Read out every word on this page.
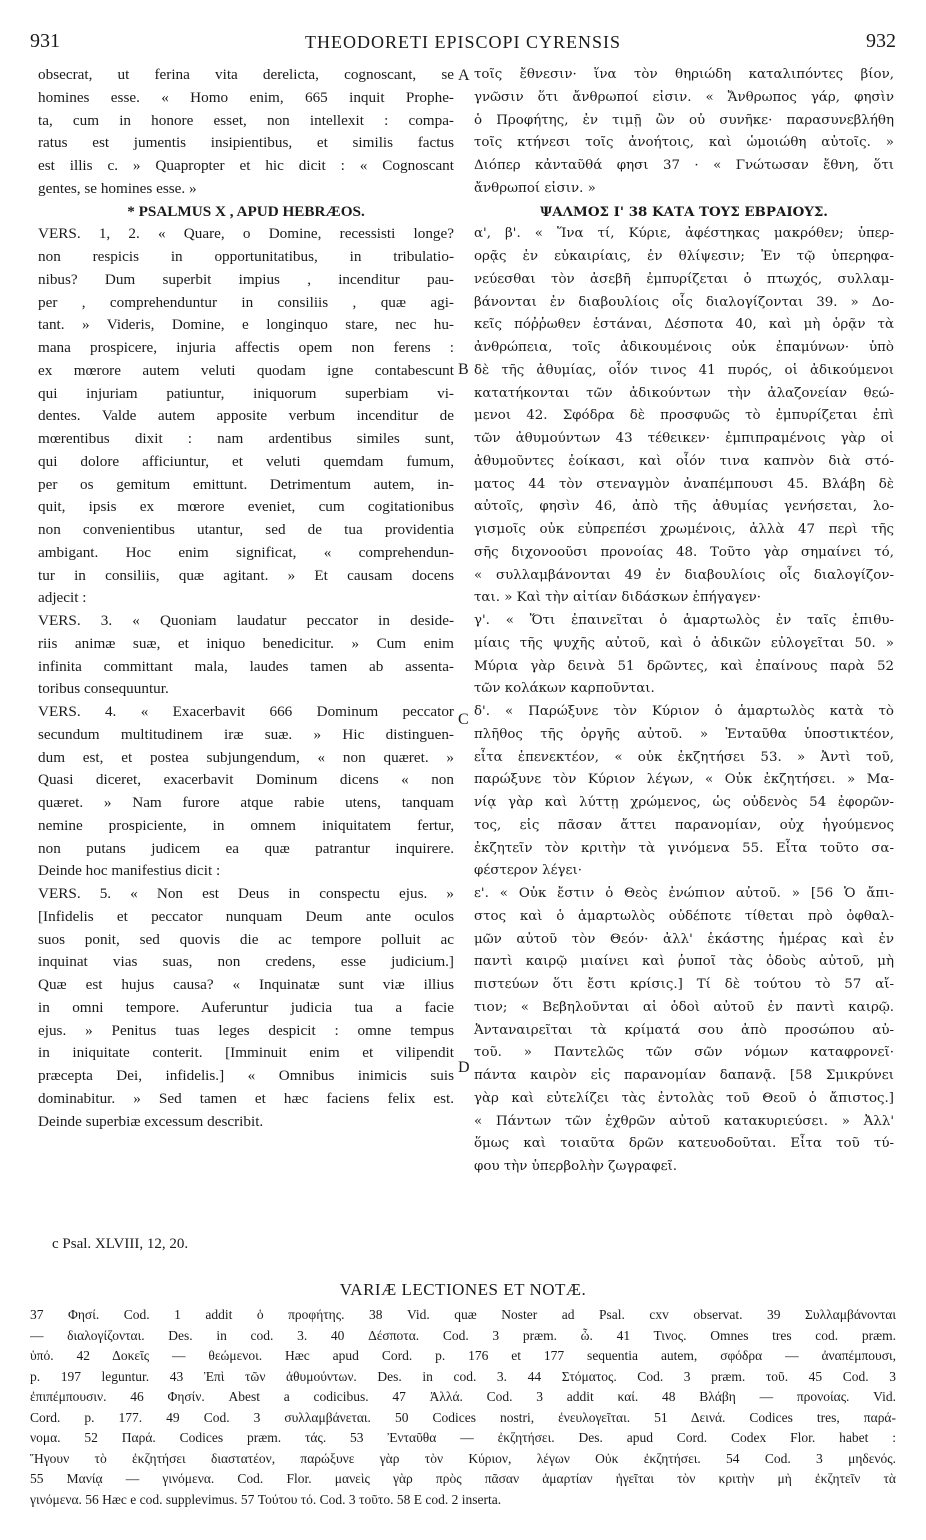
931	THEODORETI EPISCOPI CYRENSIS	932
obsecrat, ut ferina vita derelicta, cognoscant, se
homines esse. « Homo enim, 665 inquit Prophe-
ta, cum in honore esset, non intellexit : compa-
ratus est jumentis insipientibus, et similis factus
est illis c. » Quapropter et hic dicit : « Cognoscant
gentes, se homines esse. »
* PSALMUS X , APUD HEBRÆOS.
VERS. 1, 2. « Quare, o Domine, recessisti longe?
non respicis in opportunitatibus, in tribulatio-
nibus? Dum superbit impius , incenditur pau-
per , comprehenduntur in consiliis , quæ agi-
tant. » Videris, Domine, e longinquo stare, nec hu-
mana prospicere, injuria affectis opem non ferens :
ex mœrore autem veluti quodam igne contabescunt
qui injuriam patiuntur, iniquorum superbiam vi-
dentes. Valde autem apposite verbum incenditur de
mœrentibus dixit : nam ardentibus similes sunt,
qui dolore afficiuntur, et veluti quemdam fumum,
per os gemitum emittunt. Detrimentum autem, in-
quit, ipsis ex mœrore eveniet, cum cogitationibus
non convenientibus utantur, sed de tua providentia
ambigant. Hoc enim significat, « comprehendun-
tur in consiliis, quæ agitant. » Et causam docens
adjecit :
VERS. 3. « Quoniam laudatur peccator in deside-
riis animæ suæ, et iniquo benedicitur. » Cum enim
infinita committant mala, laudes tamen ab assenta-
toribus consequuntur.
VERS. 4. « Exacerbavit 666 Dominum peccator
secundum multitudinem iræ suæ. » Hic distinguen-
dum est, et postea subjungendum, « non quæret. »
Quasi diceret, exacerbavit Dominum dicens « non
quæret. » Nam furore atque rabie utens, tanquam
nemine prospiciente, in omnem iniquitatem fertur,
non putans judicem ea quæ patrantur inquirere.
Deinde hoc manifestius dicit :
VERS. 5. « Non est Deus in conspectu ejus. »
[Infidelis et peccator nunquam Deum ante oculos
suos ponit, sed quovis die ac tempore polluit ac
inquinat vias suas, non credens, esse judicium.]
Quæ est hujus causa? « Inquinatæ sunt viæ illius
in omni tempore. Auferuntur judicia tua a facie
ejus. » Penitus tuas leges despicit : omne tempus
in iniquitate conterit. [Imminuit enim et vilipendit
præcepta Dei, infidelis.] « Omnibus inimicis suis
dominabitur. » Sed tamen et hæc faciens felix est.
Deinde superbiæ excessum describit.
τοῖς ἔθνεσιν· ἵνα τὸν θηριώδη καταλιπόντες βίον,
γνῶσιν ὅτι ἄνθρωποί εἰσιν. « Ἄνθρωπος γάρ, φησὶν
ὁ Προφήτης, ἐν τιμῇ ὢν οὐ συνῆκε· παρασυνεβλήθη
τοῖς κτήνεσι τοῖς ἀνοήτοις, καὶ ὡμοιώθη αὐτοῖς. »
Διόπερ κἀνταῦθά φησι 37 · « Γνώτωσαν ἔθνη, ὅτι
ἄνθρωποί εἰσιν. »
ΨΑΛΜΟΣ Ι' 38 ΚΑΤΑ ΤΟΥΣ ΕΒΡΑΙΟΥΣ.
α', β'. « Ἵνα τί, Κύριε, ἀφέστηκας μακρόθεν; ὑπερ-
ορᾷς ἐν εὐκαιρίαις, ἐν θλίψεσιν; Ἐν τῷ ὑπερηφα-
νεύεσθαι τὸν ἀσεβῆ ἐμπυρίζεται ὁ πτωχός, συλλαμ-
βάνονται ἐν διαβουλίοις οἷς διαλογίζονται 39. » Δο-
κεῖς πόῤῥωθεν ἑστάναι, Δέσποτα 40, καὶ μὴ ὁρᾷν τὰ
ἀνθρώπεια, τοῖς ἀδικουμένοις οὐκ ἐπαμύνων· ὑπὸ
δὲ τῆς ἀθυμίας, οἷόν τινος 41 πυρός, οἱ ἀδικούμενοι
κατατήκονται τῶν ἀδικούντων τὴν ἀλαζονείαν θεώ-
μενοι 42. Σφόδρα δὲ προσφυῶς τὸ ἐμπυρίζεται ἐπὶ
τῶν ἀθυμούντων 43 τέθεικεν· ἐμπιπραμένοις γὰρ οἱ
ἀθυμοῦντες ἐοίκασι, καὶ οἷόν τινα καπνὸν διὰ στό-
ματος 44 τὸν στεναγμὸν ἀναπέμπουσι 45. Βλάβη δὲ
αὐτοῖς, φησὶν 46, ἀπὸ τῆς ἀθυμίας γενήσεται, λο-
γισμοῖς οὐκ εὐπρεπέσι χρωμένοις, ἀλλὰ 47 περὶ τῆς
σῆς διχονοοῦσι προνοίας 48. Τοῦτο γὰρ σημαίνει τό,
« συλλαμβάνονται 49 ἐν διαβουλίοις οἷς διαλογίζον-
ται. » Καὶ τὴν αἰτίαν διδάσκων ἐπήγαγεν·
γ'. « Ὅτι ἐπαινεῖται ὁ ἁμαρτωλὸς ἐν ταῖς ἐπιθυ-
μίαις τῆς ψυχῆς αὐτοῦ, καὶ ὁ ἀδικῶν εὐλογεῖται 50. »
Μύρια γὰρ δεινὰ 51 δρῶντες, καὶ ἐπαίνους παρὰ 52
τῶν κολάκων καρποῦνται.
δ'. « Παρώξυνε τὸν Κύριον ὁ ἁμαρτωλὸς κατὰ τὸ
πλῆθος τῆς ὀργῆς αὐτοῦ. » Ἐνταῦθα ὑποστικτέον,
εἶτα ἐπενεκτέον, « οὐκ ἐκζητήσει 53. » Ἀντὶ τοῦ,
παρώξυνε τὸν Κύριον λέγων, « Οὐκ ἐκζητήσει. » Μα-
νίᾳ γὰρ καὶ λύττῃ χρώμενος, ὡς οὐδενὸς 54 ἐφορῶν-
τος, εἰς πᾶσαν ἄττει παρανομίαν, οὐχ ἡγούμενος
ἐκζητεῖν τὸν κριτὴν τὰ γινόμενα 55. Εἶτα τοῦτο σα-
φέστερον λέγει·
ε'. « Οὐκ ἔστιν ὁ Θεὸς ἐνώπιον αὐτοῦ. » [56 Ὁ ἄπι-
στος καὶ ὁ ἁμαρτωλὸς οὐδέποτε τίθεται πρὸ ὀφθαλ-
μῶν αὐτοῦ τὸν Θεόν· ἀλλ' ἑκάστης ἡμέρας καὶ ἐν
παντὶ καιρῷ μιαίνει καὶ ῥυποῖ τὰς ὁδοὺς αὐτοῦ, μὴ
πιστεύων ὅτι ἔστι κρίσις.] Τί δὲ τούτου τὸ 57 αἴ-
τιον; « Βεβηλοῦνται αἱ ὁδοὶ αὐτοῦ ἐν παντὶ καιρῷ.
Ἀνταναιρεῖται τὰ κρίματά σου ἀπὸ προσώπου αὐ-
τοῦ. » Παντελῶς τῶν σῶν νόμων καταφρονεῖ·
πάντα καιρὸν εἰς παρανομίαν δαπανᾷ. [58 Σμικρύνει
γὰρ καὶ εὐτελίζει τὰς ἐντολὰς τοῦ Θεοῦ ὁ ἄπιστος.]
« Πάντων τῶν ἐχθρῶν αὐτοῦ κατακυριεύσει. » Ἀλλ'
ὅμως καὶ τοιαῦτα δρῶν κατευοδοῦται. Εἶτα τοῦ τύ-
φου τὴν ὑπερβολὴν ζωγραφεῖ.
A
B
C
D
c Psal. XLVIII, 12, 20.
VARIÆ LECTIONES ET NOTÆ.
37 Φησί. Cod. 1 addit ὁ προφήτης. 38 Vid. quæ Noster ad Psal. cxv observat. 39 Συλλαμβάνονται
— διαλογίζονται. Des. in cod. 3. 40 Δέσποτα. Cod. 3 præm. ὦ. 41 Τινος. Omnes tres cod. præm.
ὑπό. 42 Δοκεῖς — θεώμενοι. Hæc apud Cord. p. 176 et 177 sequentia autem, σφόδρα — ἀναπέμπουσι,
p. 197 leguntur. 43 Ἐπὶ τῶν ἀθυμούντων. Des. in cod. 3. 44 Στόματος. Cod. 3 præm. τοῦ. 45 Cod. 3
ἐπιπέμπουσιν. 46 Φησίν. Abest a codicibus. 47 Ἀλλά. Cod. 3 addit καί. 48 Βλάβη — προνοίας. Vid.
Cord. p. 177. 49 Cod. 3 συλλαμβάνεται. 50 Codices nostri, ἐνευλογεῖται. 51 Δεινά. Codices tres, παρά-
νομα. 52 Παρά. Codices præm. τάς. 53 Ἐνταῦθα — ἐκζητήσει. Des. apud Cord. Codex Flor. habet :
Ἥγουν τὸ ἐκζητήσει διαστατέον, παρώξυνε γὰρ τὸν Κύριον, λέγων Οὐκ ἐκζητήσει. 54 Cod. 3 μηδενός.
55 Μανίᾳ — γινόμενα. Cod. Flor. μανεὶς γὰρ πρὸς πᾶσαν ἁμαρτίαν ἡγεῖται τὸν κριτὴν μὴ ἐκζητεῖν τὰ
γινόμενα. 56 Hæc e cod. supplevimus. 57 Τούτου τό. Cod. 3 τοῦτο. 58 E cod. 2 inserta.
